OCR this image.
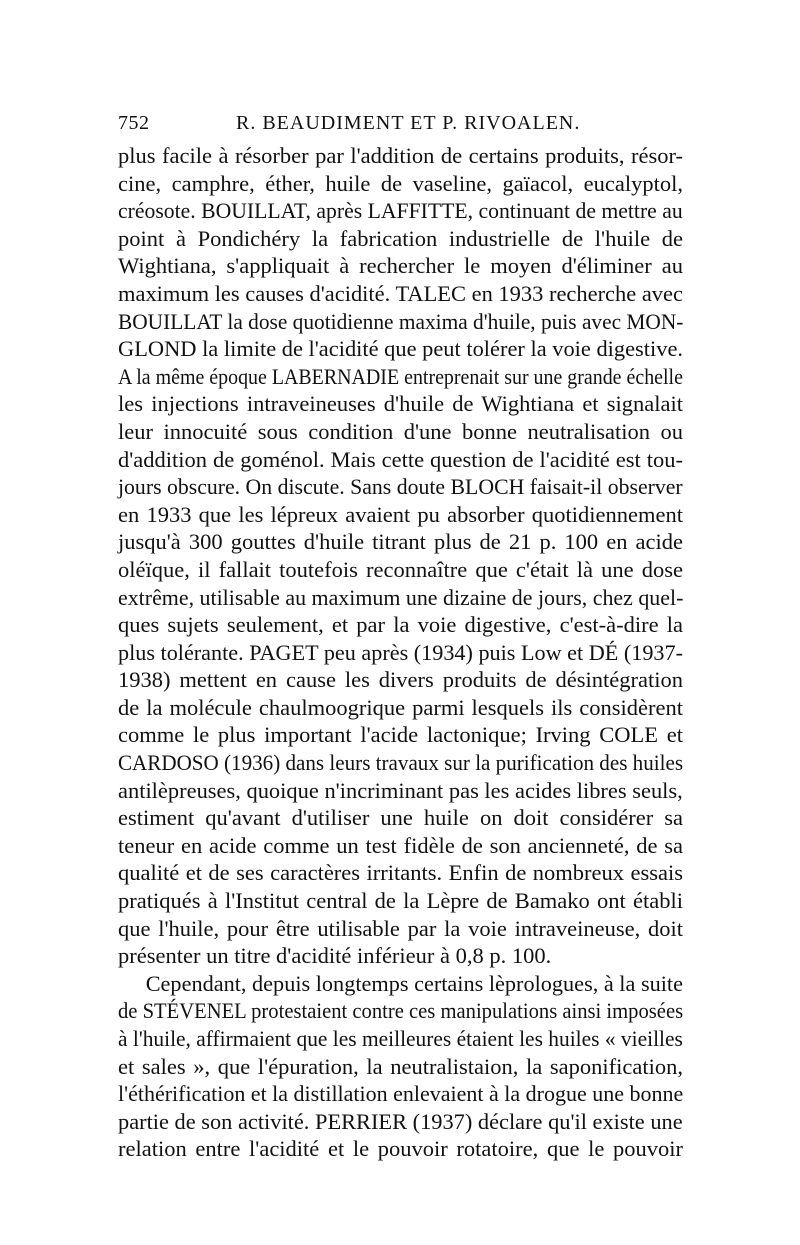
752	R. BEAUDIMENT ET P. RIVOALEN.
plus facile à résorber par l'addition de certains produits, résor-
cine, camphre, éther, huile de vaseline, gaïacol, eucalyptol,
créosote. BOUILLAT, après LAFFITTE, continuant de mettre au
point à Pondichéry la fabrication industrielle de l'huile de
Wightiana, s'appliquait à rechercher le moyen d'éliminer au
maximum les causes d'acidité. TALEC en 1933 recherche avec
BOUILLAT la dose quotidienne maxima d'huile, puis avec MON-
GLOND la limite de l'acidité que peut tolérer la voie digestive.
A la même époque LABERNADIE entreprenait sur une grande échelle
les injections intraveineuses d'huile de Wightiana et signalait
leur innocuité sous condition d'une bonne neutralisation ou
d'addition de goménol. Mais cette question de l'acidité est tou-
jours obscure. On discute. Sans doute BLOCH faisait-il observer
en 1933 que les lépreux avaient pu absorber quotidiennement
jusqu'à 300 gouttes d'huile titrant plus de 21 p. 100 en acide
oléïque, il fallait toutefois reconnaître que c'était là une dose
extrême, utilisable au maximum une dizaine de jours, chez quel-
ques sujets seulement, et par la voie digestive, c'est-à-dire la
plus tolérante. PAGET peu après (1934) puis Low et DÉ (1937-
1938) mettent en cause les divers produits de désintégration
de la molécule chaulmoogrique parmi lesquels ils considèrent
comme le plus important l'acide lactonique; Irving COLE et
CARDOSO (1936) dans leurs travaux sur la purification des huiles
antilèpreuses, quoique n'incriminant pas les acides libres seuls,
estiment qu'avant d'utiliser une huile on doit considérer sa
teneur en acide comme un test fidèle de son ancienneté, de sa
qualité et de ses caractères irritants. Enfin de nombreux essais
pratiqués à l'Institut central de la Lèpre de Bamako ont établi
que l'huile, pour être utilisable par la voie intraveineuse, doit
présenter un titre d'acidité inférieur à 0,8 p. 100.
Cependant, depuis longtemps certains lèprologues, à la suite
de STÉVENEL protestaient contre ces manipulations ainsi imposées
à l'huile, affirmaient que les meilleures étaient les huiles « vieilles
et sales », que l'épuration, la neutralistaion, la saponification,
l'éthérification et la distillation enlevaient à la drogue une bonne
partie de son activité. PERRIER (1937) déclare qu'il existe une
relation entre l'acidité et le pouvoir rotatoire, que le pouvoir
